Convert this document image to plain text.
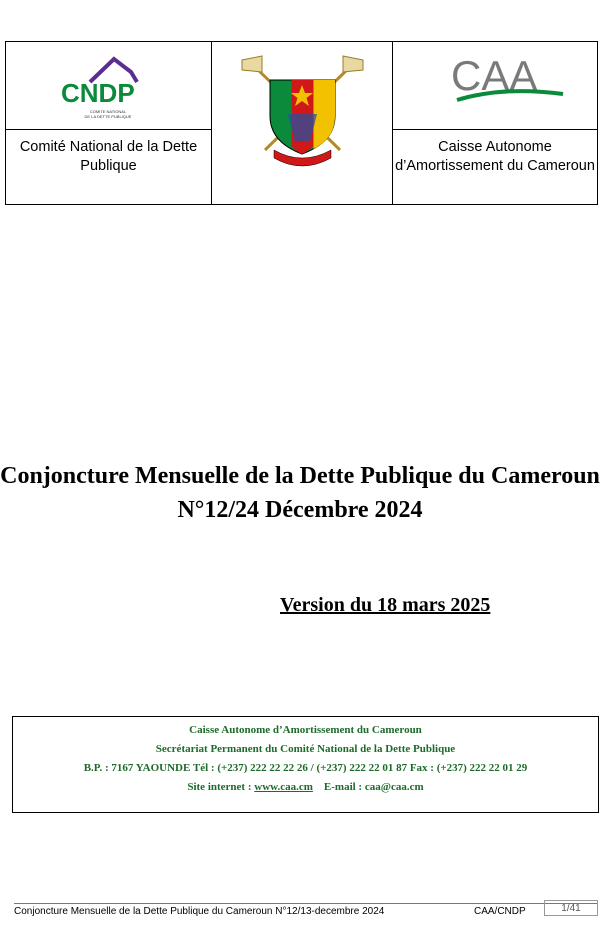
CNDP
COMITE NATIONAL
DE LA DETTE PUBLIQUE
Comité National de la Dette Publique
CAA
Caisse Autonome d’Amortissement du Cameroun
Conjoncture Mensuelle de la Dette Publique du Cameroun N°12/24 Décembre 2024
Version du 18 mars 2025
Caisse Autonome d’Amortissement du Cameroun
Secrétariat Permanent du Comité National de la Dette Publique
B.P. : 7167 YAOUNDE Tél : (+237) 222 22 22 26 / (+237) 222 22 01 87 Fax : (+237) 222 22 01 29
Site internet : www.caa.cm E-mail : caa@caa.cm
Conjoncture Mensuelle de la Dette Publique du Cameroun N°12/13-decembre 2024	CAA/CNDP	1/41
